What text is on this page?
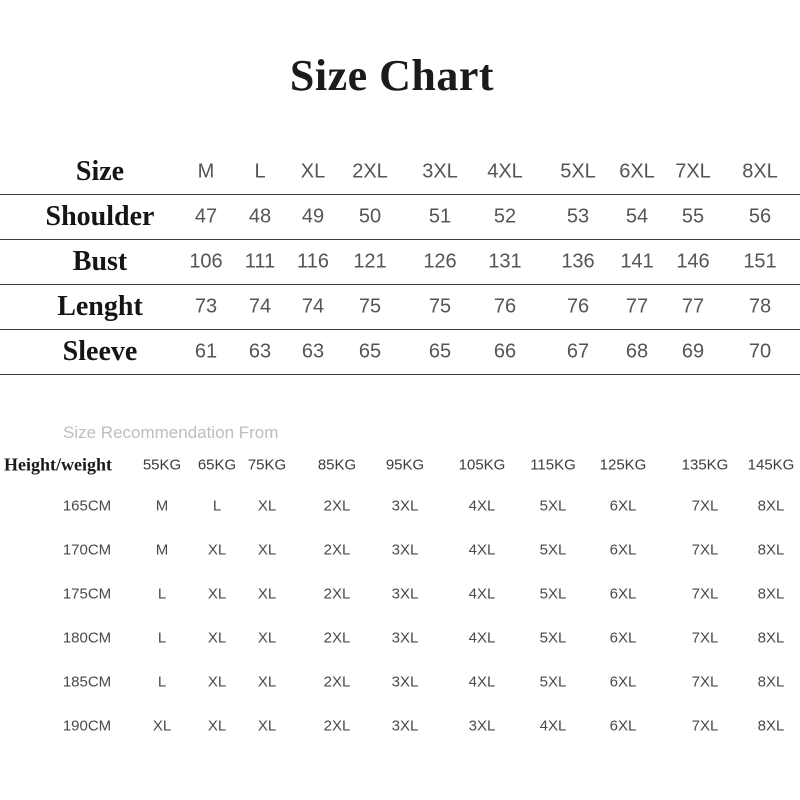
Size Chart
Size	M L XL 2XL 3XL 4XL 5XL 6XL 7XL 8XL
Shoulder	47 48 49 50 51 52	53 54 55 56
Bust	106 111 116 121 126 131 136 141 146 151
Lenght	73 74 74 75 75 76	76 77 77 78
Sleeve	61 63 63 65 65 66	67 68 69 70
Size Recommendation From
Height/weight 55KG 65KG 75KG 85KG 95KG 105KG 115KG 125KG 135KG 145KG
165CM	M	L XL	2XL	3XL	4XL	5XL	6XL	7XL	8XL
170CM	M	XL XL	2XL	3XL	4XL	5XL	6XL	7XL	8XL
175CM	L	XL XL	2XL	3XL	4XL	5XL	6XL	7XL	8XL
180CM	L	XL XL	2XL	3XL	4XL	5XL	6XL	7XL	8XL
185CM	L	XL XL	2XL	3XL	4XL	5XL	6XL	7XL	8XL
190CM	XL XL XL	2XL	3XL	3XL	4XL	6XL	7XL	8XL
